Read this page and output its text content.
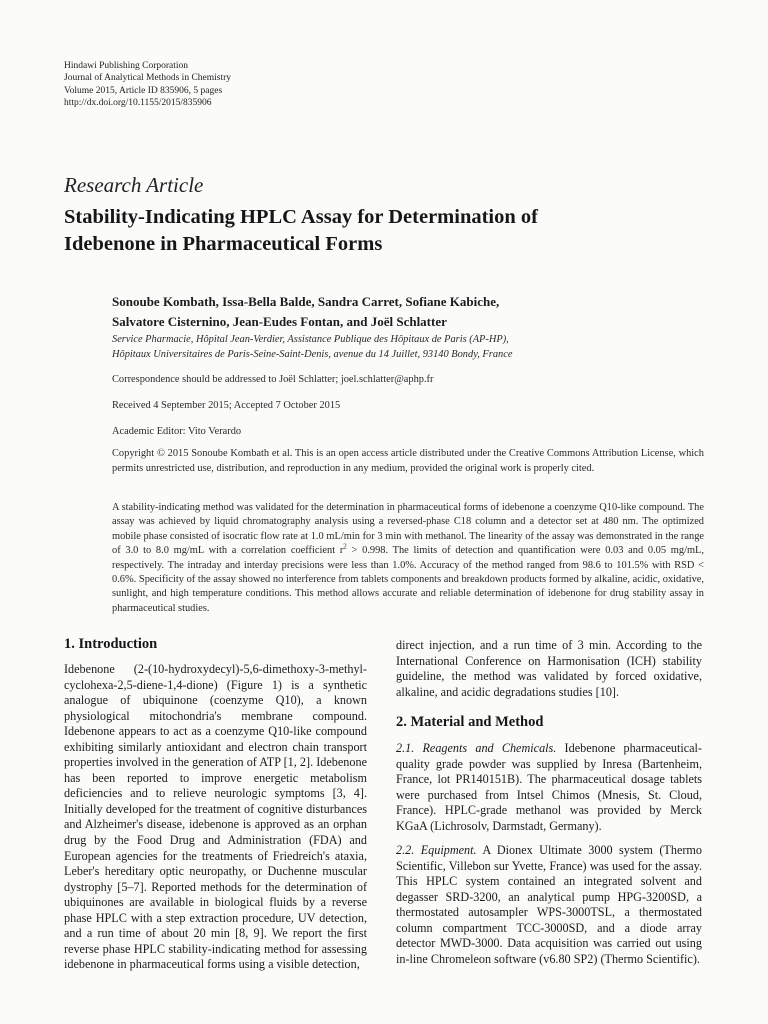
Hindawi Publishing Corporation
Journal of Analytical Methods in Chemistry
Volume 2015, Article ID 835906, 5 pages
http://dx.doi.org/10.1155/2015/835906
Research Article
Stability-Indicating HPLC Assay for Determination of
Idebenone in Pharmaceutical Forms
Sonoube Kombath, Issa-Bella Balde, Sandra Carret, Sofiane Kabiche,
Salvatore Cisternino, Jean-Eudes Fontan, and Joël Schlatter
Service Pharmacie, Hôpital Jean-Verdier, Assistance Publique des Hôpitaux de Paris (AP-HP),
Hôpitaux Universitaires de Paris-Seine-Saint-Denis, avenue du 14 Juillet, 93140 Bondy, France
Correspondence should be addressed to Joël Schlatter; joel.schlatter@aphp.fr
Received 4 September 2015; Accepted 7 October 2015
Academic Editor: Vito Verardo
Copyright © 2015 Sonoube Kombath et al. This is an open access article distributed under the Creative Commons Attribution License, which permits unrestricted use, distribution, and reproduction in any medium, provided the original work is properly cited.
A stability-indicating method was validated for the determination in pharmaceutical forms of idebenone a coenzyme Q10-like compound. The assay was achieved by liquid chromatography analysis using a reversed-phase C18 column and a detector set at 480 nm. The optimized mobile phase consisted of isocratic flow rate at 1.0 mL/min for 3 min with methanol. The linearity of the assay was demonstrated in the range of 3.0 to 8.0 mg/mL with a correlation coefficient $r^2 > 0.998$. The limits of detection and quantification were 0.03 and 0.05 mg/mL, respectively. The intraday and interday precisions were less than 1.0%. Accuracy of the method ranged from 98.6 to 101.5% with RSD < 0.6%. Specificity of the assay showed no interference from tablets components and breakdown products formed by alkaline, acidic, oxidative, sunlight, and high temperature conditions. This method allows accurate and reliable determination of idebenone for drug stability assay in pharmaceutical studies.
1. Introduction

Idebenone (2-(10-hydroxydecyl)-5,6-dimethoxy-3-methyl-cyclohexa-2,5-diene-1,4-dione) (Figure 1) is a synthetic analogue of ubiquinone (coenzyme Q10), a known physiological mitochondria's membrane compound. Idebenone appears to act as a coenzyme Q10-like compound exhibiting similarly antioxidant and electron chain transport properties involved in the generation of ATP [1, 2]. Idebenone has been reported to improve energetic metabolism deficiencies and to relieve neurologic symptoms [3, 4]. Initially developed for the treatment of cognitive disturbances and Alzheimer's disease, idebenone is approved as an orphan drug by the Food Drug and Administration (FDA) and European agencies for the treatments of Friedreich's ataxia, Leber's hereditary optic neuropathy, or Duchenne muscular dystrophy [5–7]. Reported methods for the determination of ubiquinones are available in biological fluids by a reverse phase HPLC with a step extraction procedure, UV detection, and a run time of about 20 min [8, 9]. We report the first reverse phase HPLC stability-indicating method for assessing idebenone in pharmaceutical forms using a visible detection,

direct injection, and a run time of 3 min. According to the International Conference on Harmonisation (ICH) stability guideline, the method was validated by forced oxidative, alkaline, and acidic degradations studies [10].

2. Material and Method

2.1. Reagents and Chemicals. Idebenone pharmaceutical-quality grade powder was supplied by Inresa (Bartenheim, France, lot PR140151B). The pharmaceutical dosage tablets were purchased from Intsel Chimos (Mnesis, St. Cloud, France). HPLC-grade methanol was provided by Merck KGaA (Lichrosolv, Darmstadt, Germany).

2.2. Equipment. A Dionex Ultimate 3000 system (Thermo Scientific, Villebon sur Yvette, France) was used for the assay. This HPLC system contained an integrated solvent and degasser SRD-3200, an analytical pump HPG-3200SD, a thermostated autosampler WPS-3000TSL, a thermostated column compartment TCC-3000SD, and a diode array detector MWD-3000. Data acquisition was carried out using in-line Chromeleon software (v6.80 SP2) (Thermo Scientific).
